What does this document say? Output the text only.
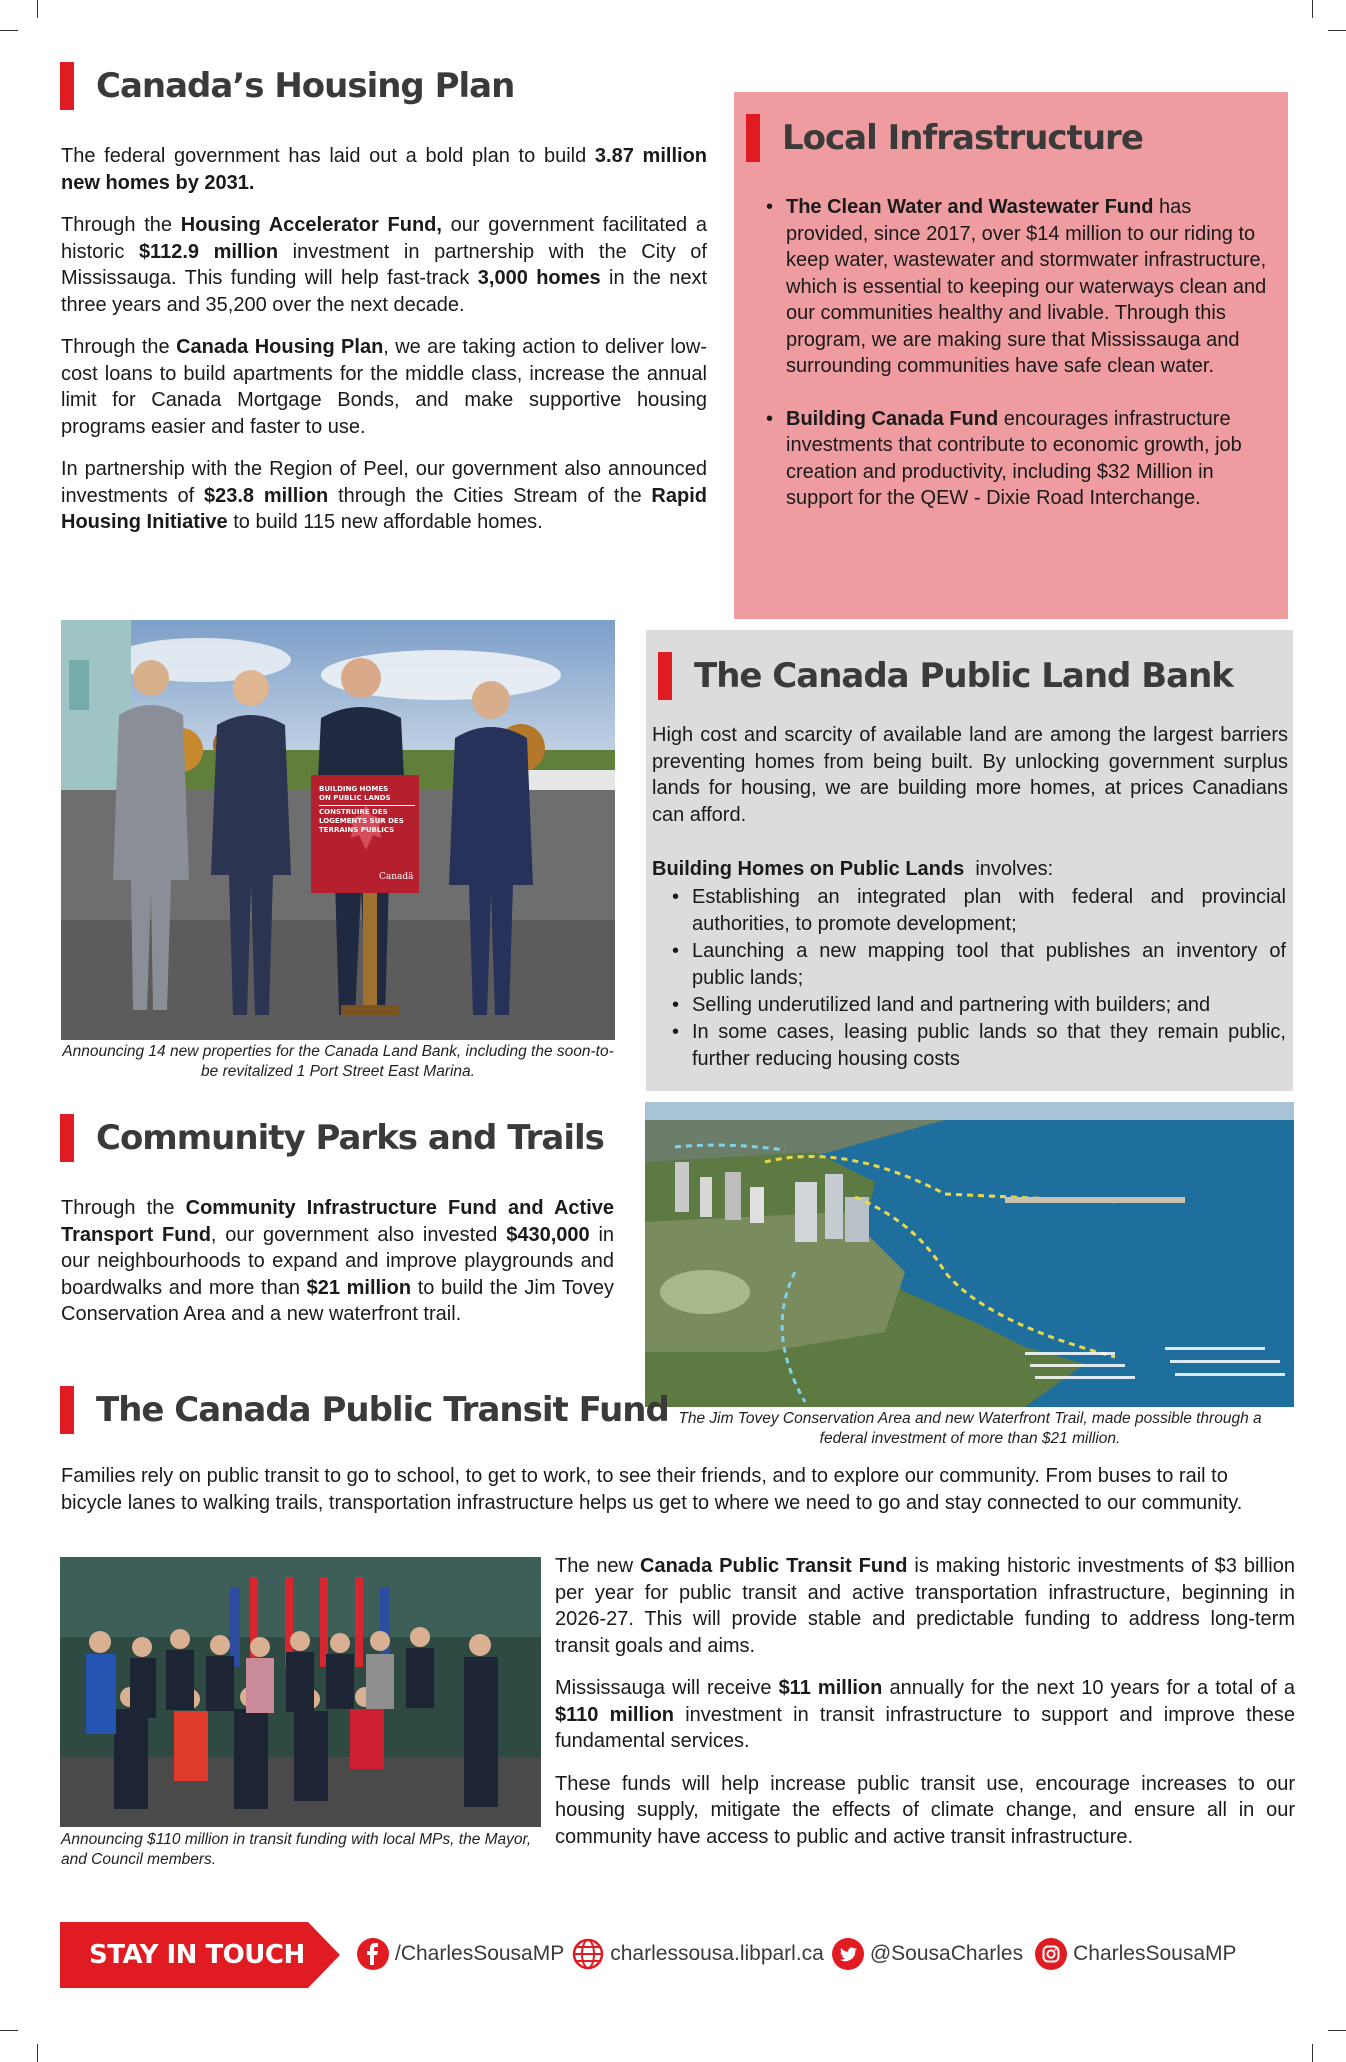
Canada’s Housing Plan

The federal government has laid out a bold plan to build 3.87 million new homes by 2031.

Through the Housing Accelerator Fund, our government facilitated a historic $112.9 million investment in partnership with the City of Mississauga. This funding will help fast-track 3,000 homes in the next three years and 35,200 over the next decade.

Through the Canada Housing Plan, we are taking action to deliver low-cost loans to build apartments for the middle class, increase the annual limit for Canada Mortgage Bonds, and make supportive housing programs easier and faster to use.

In partnership with the Region of Peel, our government also announced investments of $23.8 million through the Cities Stream of the Rapid Housing Initiative to build 115 new affordable homes.

Local Infrastructure
• The Clean Water and Wastewater Fund has provided, since 2017, over $14 million to our riding to keep water, wastewater and stormwater infrastructure, which is essential to keeping our waterways clean and our communities healthy and livable. Through this program, we are making sure that Mississauga and surrounding communities have safe clean water.
• Building Canada Fund encourages infrastructure investments that contribute to economic growth, job creation and productivity, including $32 Million in support for the QEW - Dixie Road Interchange.
BUILDING HOMES
ON PUBLIC LANDS
CONSTRUIRE DES
LOGEMENTS SUR DES
TERRAINS PUBLICS
Canadä
Announcing 14 new properties for the Canada Land Bank, including the soon-to-be revitalized 1 Port Street East Marina.
The Canada Public Land Bank
High cost and scarcity of available land are among the largest barriers preventing homes from being built. By unlocking government surplus lands for housing, we are building more homes, at prices Canadians can afford.
Building Homes on Public Lands  involves:
• Establishing an integrated plan with federal and provincial authorities, to promote development;
• Launching a new mapping tool that publishes an inventory of public lands;
• Selling underutilized land and partnering with builders; and
• In some cases, leasing public lands so that they remain public, further reducing housing costs
Community Parks and Trails

Through the Community Infrastructure Fund and Active Transport Fund, our government also invested $430,000 in our neighbourhoods to expand and improve playgrounds and boardwalks and more than $21 million to build the Jim Tovey Conservation Area and a new waterfront trail.

The Jim Tovey Conservation Area and new Waterfront Trail, made possible through a federal investment of more than $21 million.
The Canada Public Transit Fund
Families rely on public transit to go to school, to get to work, to see their friends, and to explore our community. From buses to rail to bicycle lanes to walking trails, transportation infrastructure helps us get to where we need to go and stay connected to our community.
Announcing $110 million in transit funding with local MPs, the Mayor, and Council members.

The new Canada Public Transit Fund is making historic investments of $3 billion per year for public transit and active transportation infrastructure, beginning in 2026-27. This will provide stable and predictable funding to address long-term transit goals and aims.

Mississauga will receive $11 million annually for the next 10 years for a total of a $110 million investment in transit infrastructure to support and improve these fundamental services.

These funds will help increase public transit use, encourage increases to our housing supply, mitigate the effects of climate change, and ensure all in our community have access to public and active transit infrastructure.

STAY IN TOUCH	/CharlesSousaMP charlessousa.libparl.ca @SousaCharles CharlesSousaMP
